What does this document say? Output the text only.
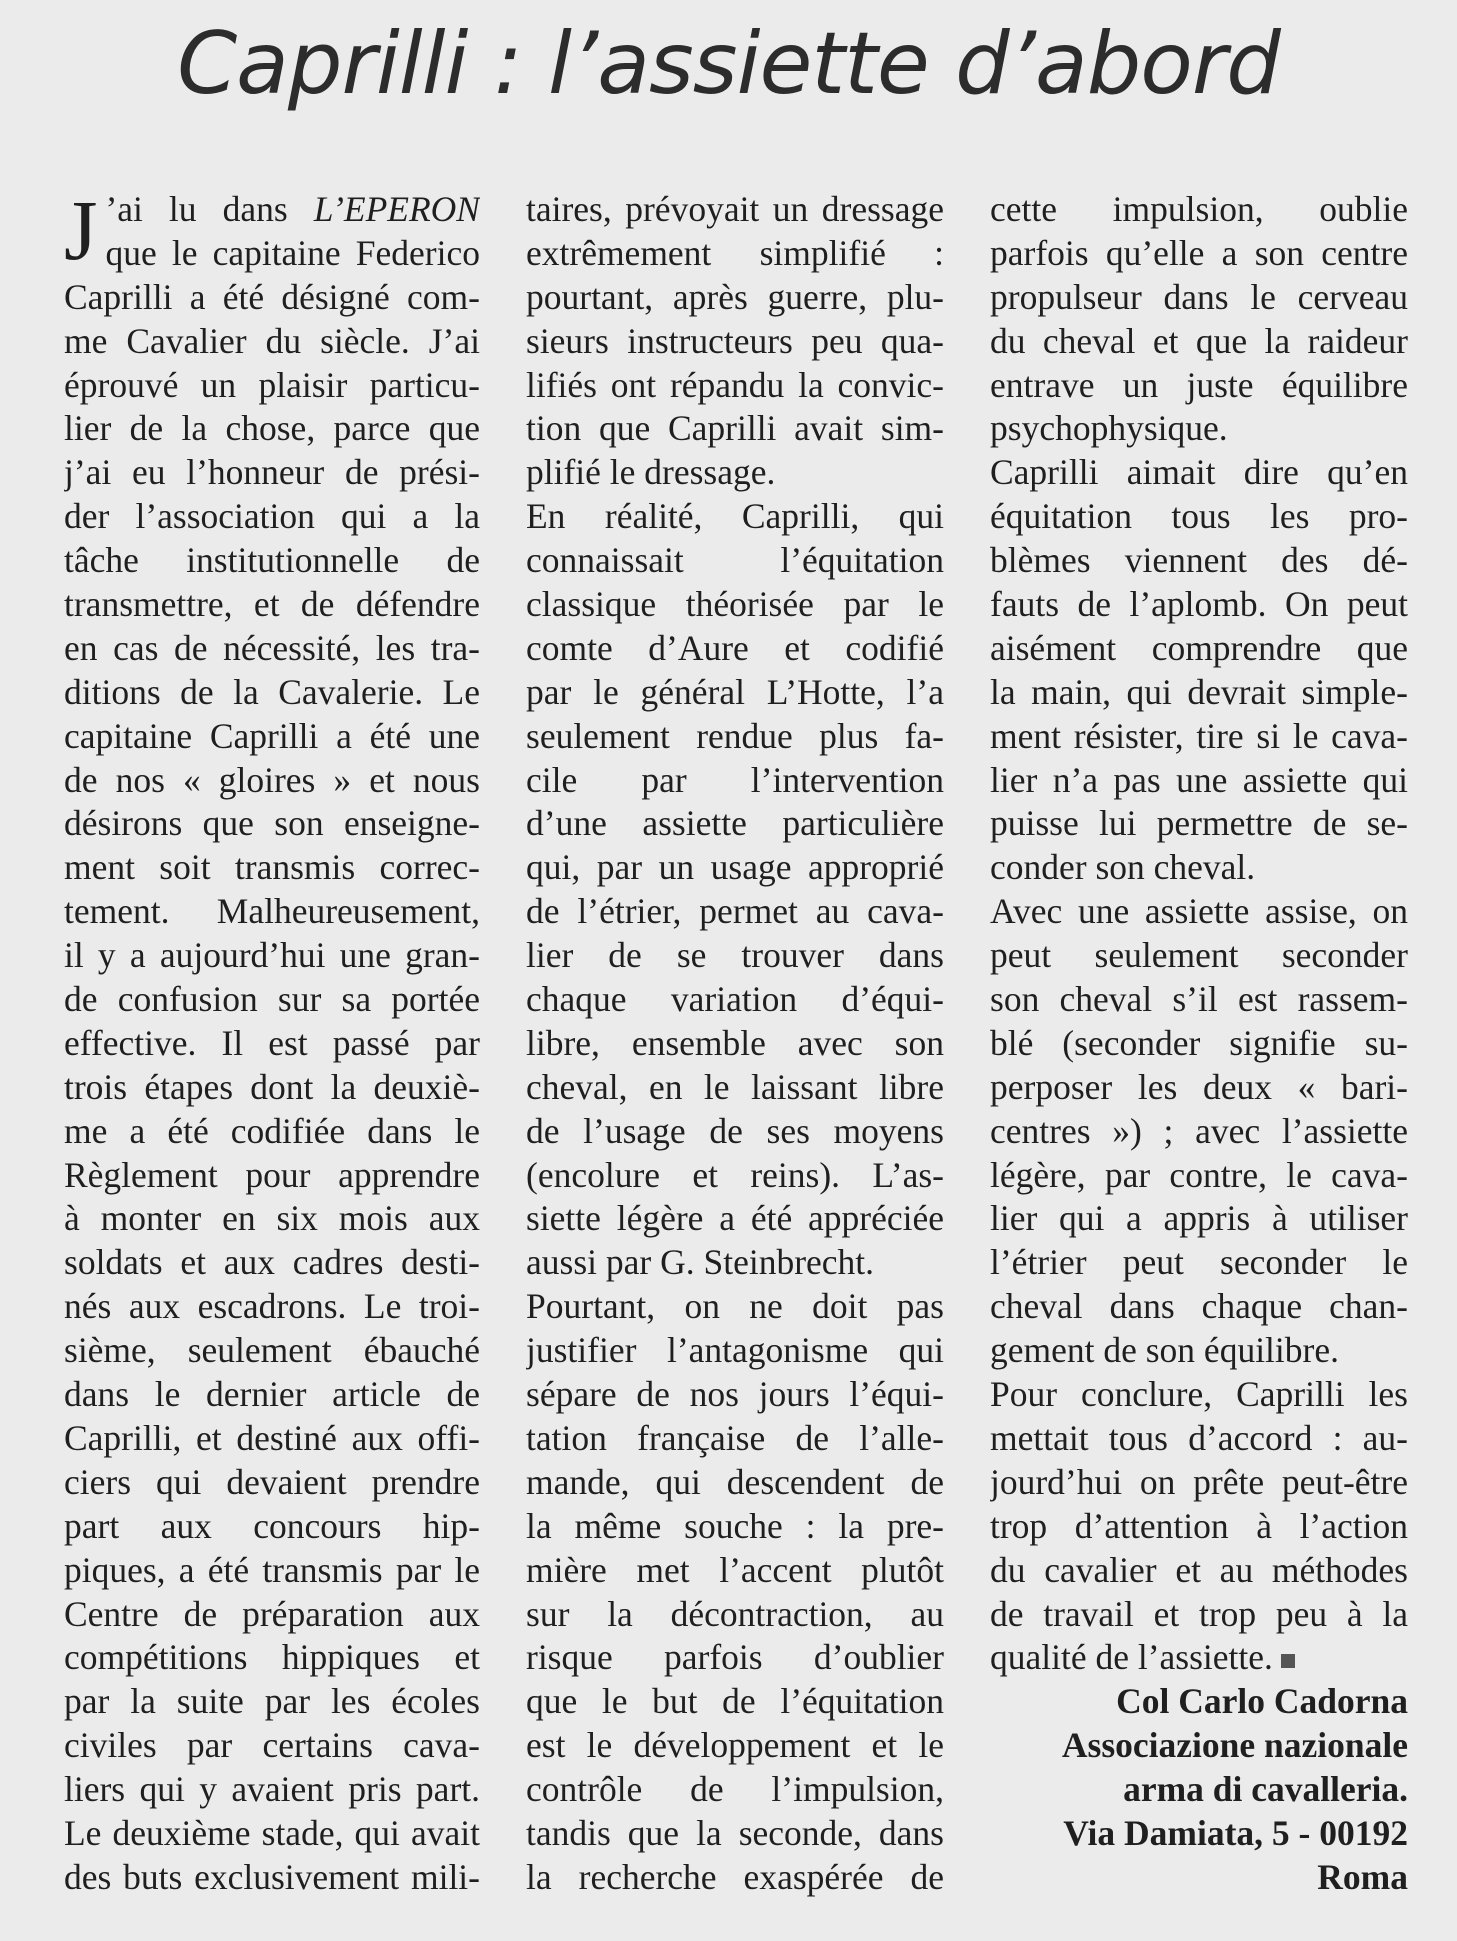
Caprilli : l’assiette d’abord
J ’ai lu dans L’EPERON
que le capitaine Federico
Caprilli a été désigné com-
me Cavalier du siècle. J’ai
éprouvé un plaisir particu-
lier de la chose, parce que
j’ai eu l’honneur de prési-
der l’association qui a la
tâche institutionnelle de
transmettre, et de défendre
en cas de nécessité, les tra-
ditions de la Cavalerie. Le
capitaine Caprilli a été une
de nos « gloires » et nous
désirons que son enseigne-
ment soit transmis correc-
tement. Malheureusement,
il y a aujourd’hui une gran-
de confusion sur sa portée
effective. Il est passé par
trois étapes dont la deuxiè-
me a été codifiée dans le
Règlement pour apprendre
à monter en six mois aux
soldats et aux cadres desti-
nés aux escadrons. Le troi-
sième, seulement ébauché
dans le dernier article de
Caprilli, et destiné aux offi-
ciers qui devaient prendre
part aux concours hip-
piques, a été transmis par le
Centre de préparation aux
compétitions hippiques et
par la suite par les écoles
civiles par certains cava-
liers qui y avaient pris part.
Le deuxième stade, qui avait
des buts exclusivement mili-
taires, prévoyait un dressage
extrêmement simplifié :
pourtant, après guerre, plu-
sieurs instructeurs peu qua-
lifiés ont répandu la convic-
tion que Caprilli avait sim-
plifié le dressage.
En réalité, Caprilli, qui
connaissait l’équitation
classique théorisée par le
comte d’Aure et codifié
par le général L’Hotte, l’a
seulement rendue plus fa-
cile par l’intervention
d’une assiette particulière
qui, par un usage approprié
de l’étrier, permet au cava-
lier de se trouver dans
chaque variation d’équi-
libre, ensemble avec son
cheval, en le laissant libre
de l’usage de ses moyens
(encolure et reins). L’as-
siette légère a été appréciée
aussi par G. Steinbrecht.
Pourtant, on ne doit pas
justifier l’antagonisme qui
sépare de nos jours l’équi-
tation française de l’alle-
mande, qui descendent de
la même souche : la pre-
mière met l’accent plutôt
sur la décontraction, au
risque parfois d’oublier
que le but de l’équitation
est le développement et le
contrôle de l’impulsion,
tandis que la seconde, dans
la recherche exaspérée de
cette impulsion, oublie
parfois qu’elle a son centre
propulseur dans le cerveau
du cheval et que la raideur
entrave un juste équilibre
psychophysique.
Caprilli aimait dire qu’en
équitation tous les pro-
blèmes viennent des dé-
fauts de l’aplomb. On peut
aisément comprendre que
la main, qui devrait simple-
ment résister, tire si le cava-
lier n’a pas une assiette qui
puisse lui permettre de se-
conder son cheval.
Avec une assiette assise, on
peut seulement seconder
son cheval s’il est rassem-
blé (seconder signifie su-
perposer les deux « bari-
centres ») ; avec l’assiette
légère, par contre, le cava-
lier qui a appris à utiliser
l’étrier peut seconder le
cheval dans chaque chan-
gement de son équilibre.
Pour conclure, Caprilli les
mettait tous d’accord : au-
jourd’hui on prête peut-être
trop d’attention à l’action
du cavalier et au méthodes
de travail et trop peu à la
qualité de l’assiette.
Col Carlo Cadorna
Associazione nazionale
arma di cavalleria.
Via Damiata, 5 - 00192
Roma
